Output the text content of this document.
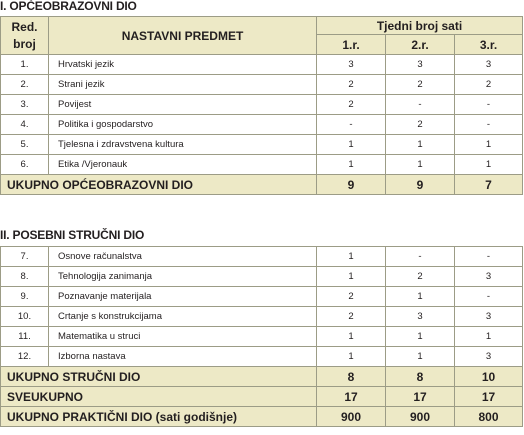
I. OPĆEOBRAZOVNI DIO
Red. broj	NASTAVNI PREDMET	Tjedni broj sati		
		1.r.	2.r.	3.r.
1.	Hrvatski jezik	3	3	3
2.	Strani jezik	2	2	2
3.	Povijest	2	-	-
4.	Politika i gospodarstvo	-	2	-
5.	Tjelesna i zdravstvena kultura	1	1	1
6.	Etika /Vjeronauk	1	1	1
UKUPNO OPĆEOBRAZOVNI DIO		9	9	7
II. POSEBNI STRUČNI DIO
7.	Osnove računalstva	1	-	-
8.	Tehnologija zanimanja	1	2	3
9.	Poznavanje materijala	2	1	-
10.	Crtanje s konstrukcijama	2	3	3
11.	Matematika u struci	1	1	1
12.	Izborna nastava	1	1	3
UKUPNO STRUČNI DIO		8	8	10
SVEUKUPNO		17	17	17
UKUPNO PRAKTIČNI DIO (sati godišnje)		900	900	800
